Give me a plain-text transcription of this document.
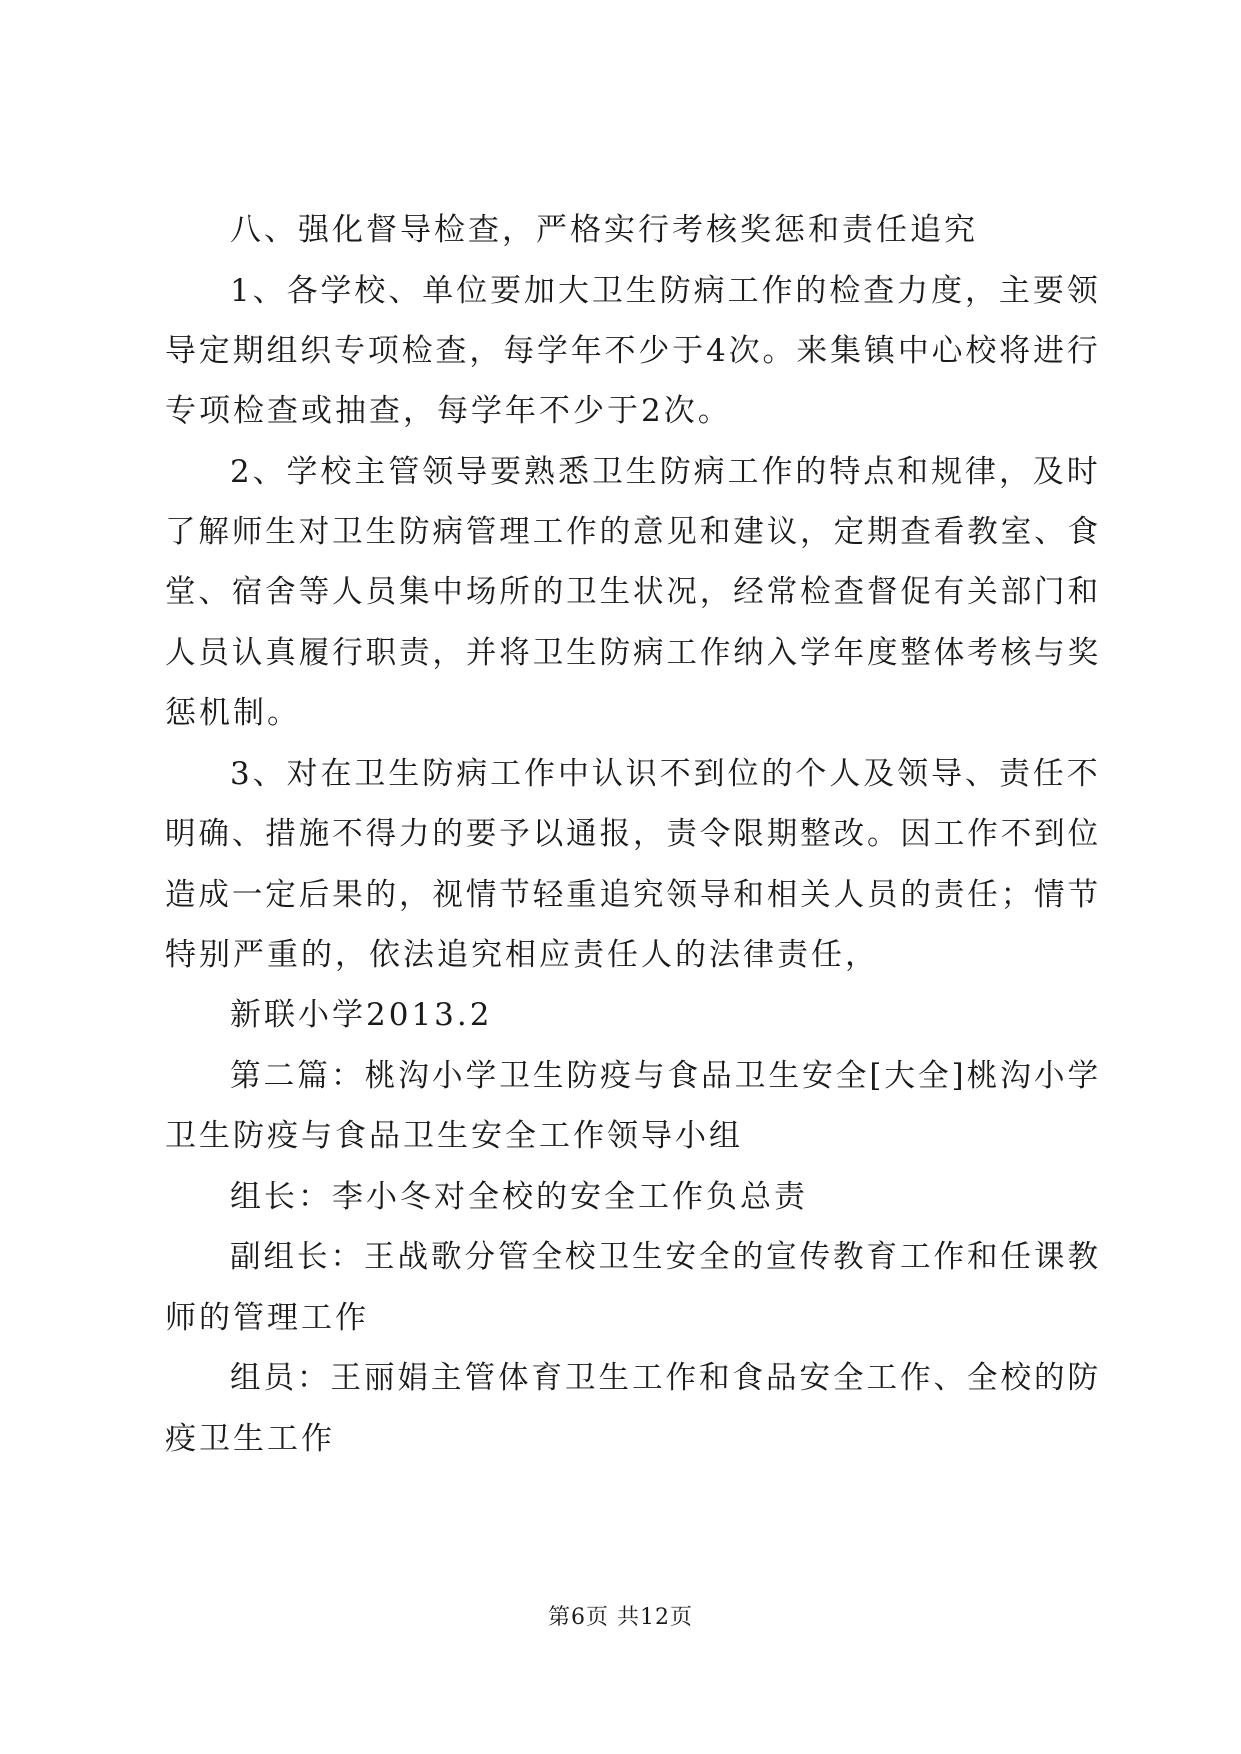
八、强化督导检查，严格实行考核奖惩和责任追究
1、各学校、单位要加大卫生防病工作的检查力度，主要领
导定期组织专项检查，每学年不少于4次。来集镇中心校将进行
专项检查或抽查，每学年不少于2次。
2、学校主管领导要熟悉卫生防病工作的特点和规律，及时
了解师生对卫生防病管理工作的意见和建议，定期查看教室、食
堂、宿舍等人员集中场所的卫生状况，经常检查督促有关部门和
人员认真履行职责，并将卫生防病工作纳入学年度整体考核与奖
惩机制。
3、对在卫生防病工作中认识不到位的个人及领导、责任不
明确、措施不得力的要予以通报，责令限期整改。因工作不到位
造成一定后果的，视情节轻重追究领导和相关人员的责任；情节
特别严重的，依法追究相应责任人的法律责任，
新联小学2013.2
第二篇：桃沟小学卫生防疫与食品卫生安全[大全]桃沟小学
卫生防疫与食品卫生安全工作领导小组
组长：李小冬对全校的安全工作负总责
副组长：王战歌分管全校卫生安全的宣传教育工作和任课教
师的管理工作
组员：王丽娟主管体育卫生工作和食品安全工作、全校的防
疫卫生工作
第6页 共12页
